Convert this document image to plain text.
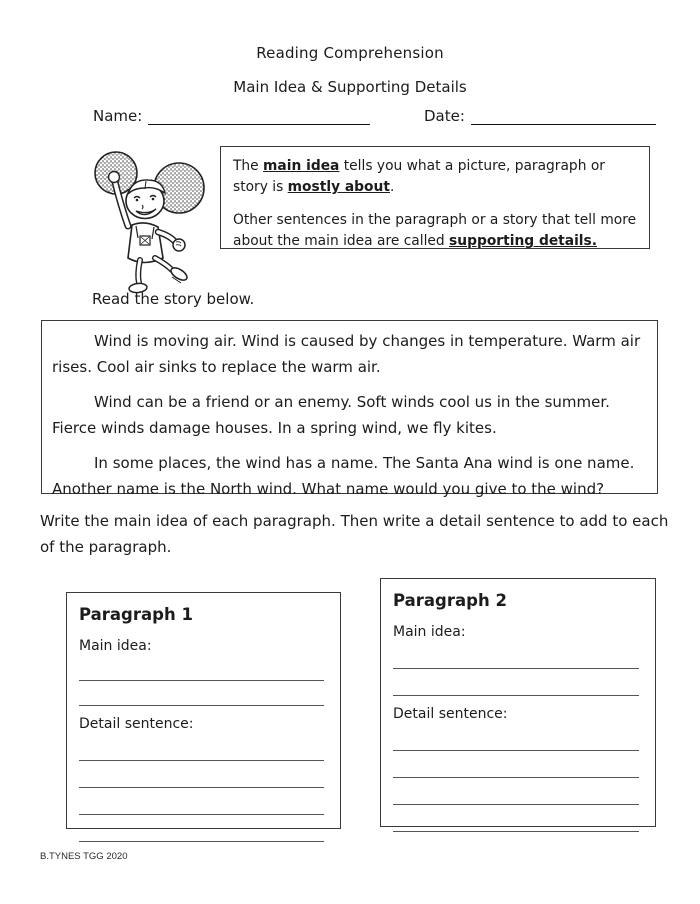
Reading Comprehension
Main Idea & Supporting Details
Name:	Date:

The main idea tells you what a picture, paragraph or story is mostly about.

Other sentences in the paragraph or a story that tell more about the main idea are called supporting details.

Read the story below.

Wind is moving air. Wind is caused by changes in temperature. Warm air rises. Cool air sinks to replace the warm air.

Wind can be a friend or an enemy. Soft winds cool us in the summer. Fierce winds damage houses. In a spring wind, we fly kites.

In some places, the wind has a name. The Santa Ana wind is one name. Another name is the North wind. What name would you give to the wind?

Write the main idea of each paragraph. Then write a detail sentence to add to each of the paragraph.

Paragraph 1

Main idea:

Detail sentence:

Paragraph 2

Main idea:

Detail sentence:

B.TYNES TGG 2020
